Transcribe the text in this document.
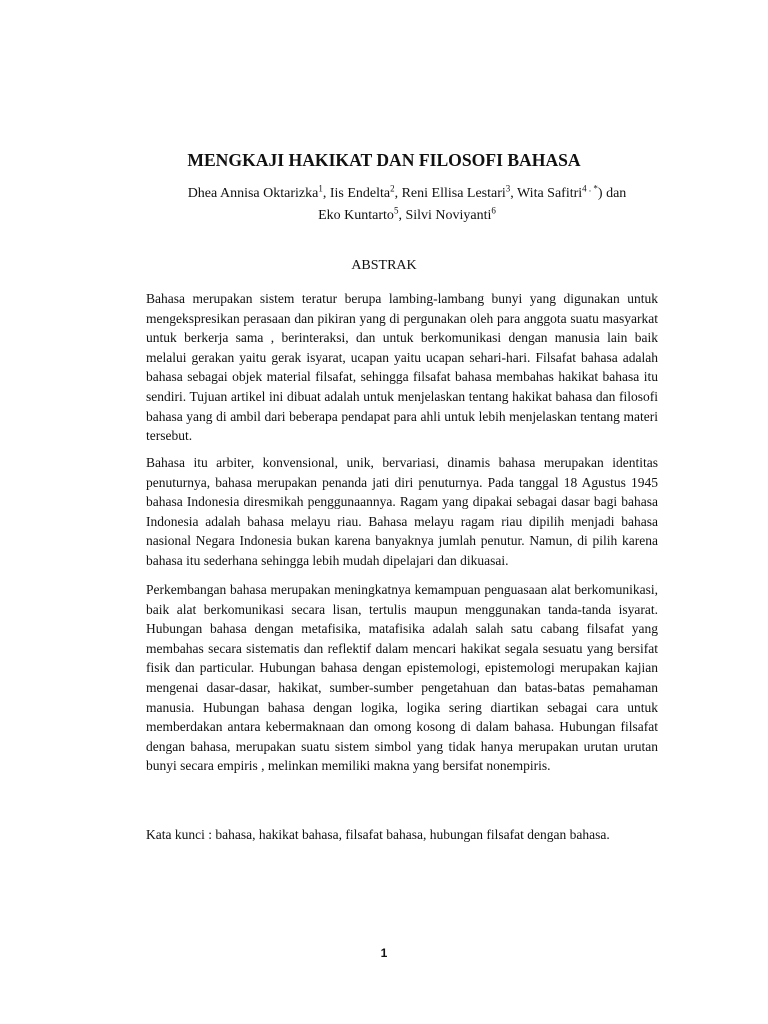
MENGKAJI HAKIKAT DAN FILOSOFI BAHASA
Dhea Annisa Oktarizka$^1$, Iis Endelta$^2$, Reni Ellisa Lestari$^3$, Wita Safitri$^{4 . *}$) dan
Eko Kuntarto$^5$, Silvi Noviyanti$^6$
ABSTRAK

Bahasa merupakan sistem teratur berupa lambing-lambang bunyi yang digunakan untuk mengekspresikan perasaan dan pikiran yang di pergunakan oleh para anggota suatu masyarkat untuk berkerja sama , berinteraksi, dan untuk berkomunikasi dengan manusia lain baik melalui gerakan yaitu gerak isyarat, ucapan yaitu ucapan sehari-hari. Filsafat bahasa adalah bahasa sebagai objek material filsafat, sehingga filsafat bahasa membahas hakikat bahasa itu sendiri. Tujuan artikel ini dibuat adalah untuk menjelaskan tentang hakikat bahasa dan filosofi bahasa yang di ambil dari beberapa pendapat para ahli untuk lebih menjelaskan tentang materi tersebut.

Bahasa itu arbiter, konvensional, unik, bervariasi, dinamis bahasa merupakan identitas penuturnya, bahasa merupakan penanda jati diri penuturnya. Pada tanggal 18 Agustus 1945 bahasa Indonesia diresmikah penggunaannya. Ragam yang dipakai sebagai dasar bagi bahasa Indonesia adalah bahasa melayu riau. Bahasa melayu ragam riau dipilih menjadi bahasa nasional Negara Indonesia bukan karena banyaknya jumlah penutur. Namun, di pilih karena bahasa itu sederhana sehingga lebih mudah dipelajari dan dikuasai.

Perkembangan bahasa merupakan meningkatnya kemampuan penguasaan alat berkomunikasi, baik alat berkomunikasi secara lisan, tertulis maupun menggunakan tanda-tanda isyarat. Hubungan bahasa dengan metafisika, matafisika adalah salah satu cabang filsafat yang membahas secara sistematis dan reflektif dalam mencari hakikat segala sesuatu yang bersifat fisik dan particular. Hubungan bahasa dengan epistemologi, epistemologi merupakan kajian mengenai dasar-dasar, hakikat, sumber-sumber pengetahuan dan batas-batas pemahaman manusia. Hubungan bahasa dengan logika, logika sering diartikan sebagai cara untuk memberdakan antara kebermaknaan dan omong kosong di dalam bahasa. Hubungan filsafat dengan bahasa, merupakan suatu sistem simbol yang tidak hanya merupakan urutan urutan bunyi secara empiris , melinkan memiliki makna yang bersifat nonempiris.

Kata kunci : bahasa, hakikat bahasa, filsafat bahasa, hubungan filsafat dengan bahasa.

1
